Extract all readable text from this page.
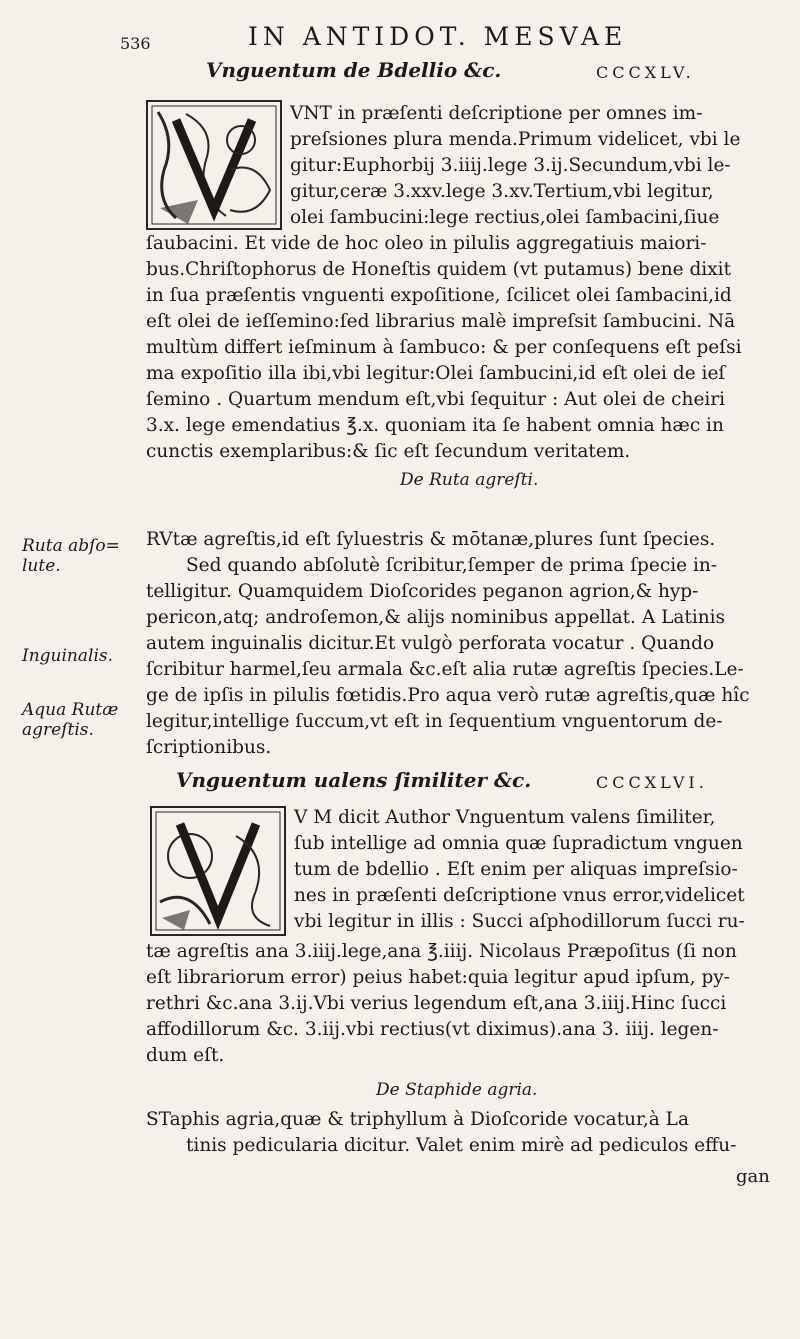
536	IN ANTIDOT. MESVAE
Vnguentum de Bdellio &c.	CCCXLV.
VNT in præſenti deſcriptione per omnes im-
preſsiones plura menda.Primum videlicet, vbi le
gitur:Euphorbij 3.iiij.lege 3.ij.Secundum,vbi le-
gitur,ceræ 3.xxv.lege 3.xv.Tertium,vbi legitur,
olei ſambucini:lege rectius,olei ſambacini,ſiue
ſaubacini. Et vide de hoc oleo in pilulis aggregatiuis maiori-
bus.Chriſtophorus de Honeſtis quidem (vt putamus) bene dixit
in ſua præſentis vnguenti expoſitione, ſcilicet olei ſambacini,id
eſt olei de ieſſemino:ſed librarius malè impreſsit ſambucini. Nā
multùm differt ieſminum à ſambuco: & per conſequens eſt peſsi
ma expoſitio illa ibi,vbi legitur:Olei ſambucini,id eſt olei de ieſ
ſemino . Quartum mendum eſt,vbi ſequitur : Aut olei de cheiri
3.x. lege emendatius ℥.x. quoniam ita ſe habent omnia hæc in
cunctis exemplaribus:& ſic eſt ſecundum veritatem.
De Ruta agreſti.
Ruta abſo= lute.
Inguinalis.
Aqua Rutæ agreſtis.
RVtæ agreſtis,id eſt ſyluestris & mōtanæ,plures ſunt ſpecies.
Sed quando abſolutè ſcribitur,ſemper de prima ſpecie in-
telligitur. Quamquidem Dioſcorides peganon agrion,& hyp-
pericon,atq; androſemon,& alijs nominibus appellat. A Latinis
autem inguinalis dicitur.Et vulgò perforata vocatur . Quando
ſcribitur harmel,ſeu armala &c.eſt alia rutæ agreſtis ſpecies.Le-
ge de ipſis in pilulis fœtidis.Pro aqua verò rutæ agreſtis,quæ hîc
legitur,intellige ſuccum,vt eſt in ſequentium vnguentorum de-
ſcriptionibus.
Vnguentum ualens ſimiliter &c.	CCCXLVI.
V M dicit Author Vnguentum valens ſimiliter,
ſub intellige ad omnia quæ ſupradictum vnguen
tum de bdellio . Eſt enim per aliquas impreſsio-
nes in præſenti deſcriptione vnus error,videlicet
vbi legitur in illis : Succi aſphodillorum ſucci ru-
tæ agreſtis ana 3.iiij.lege,ana ℥.iiij. Nicolaus Præpoſitus (ſi non
eſt librariorum error) peius habet:quia legitur apud ipſum, py-
rethri &c.ana 3.ij.Vbi verius legendum eſt,ana 3.iiij.Hinc ſucci
affodillorum &c. 3.iij.vbi rectius(vt diximus).ana 3. iiij. legen-
dum eſt.
De Staphide agria.
STaphis agria,quæ & triphyllum à Dioſcoride vocatur,à La
tinis pedicularia dicitur. Valet enim mirè ad pediculos effu-
gan
